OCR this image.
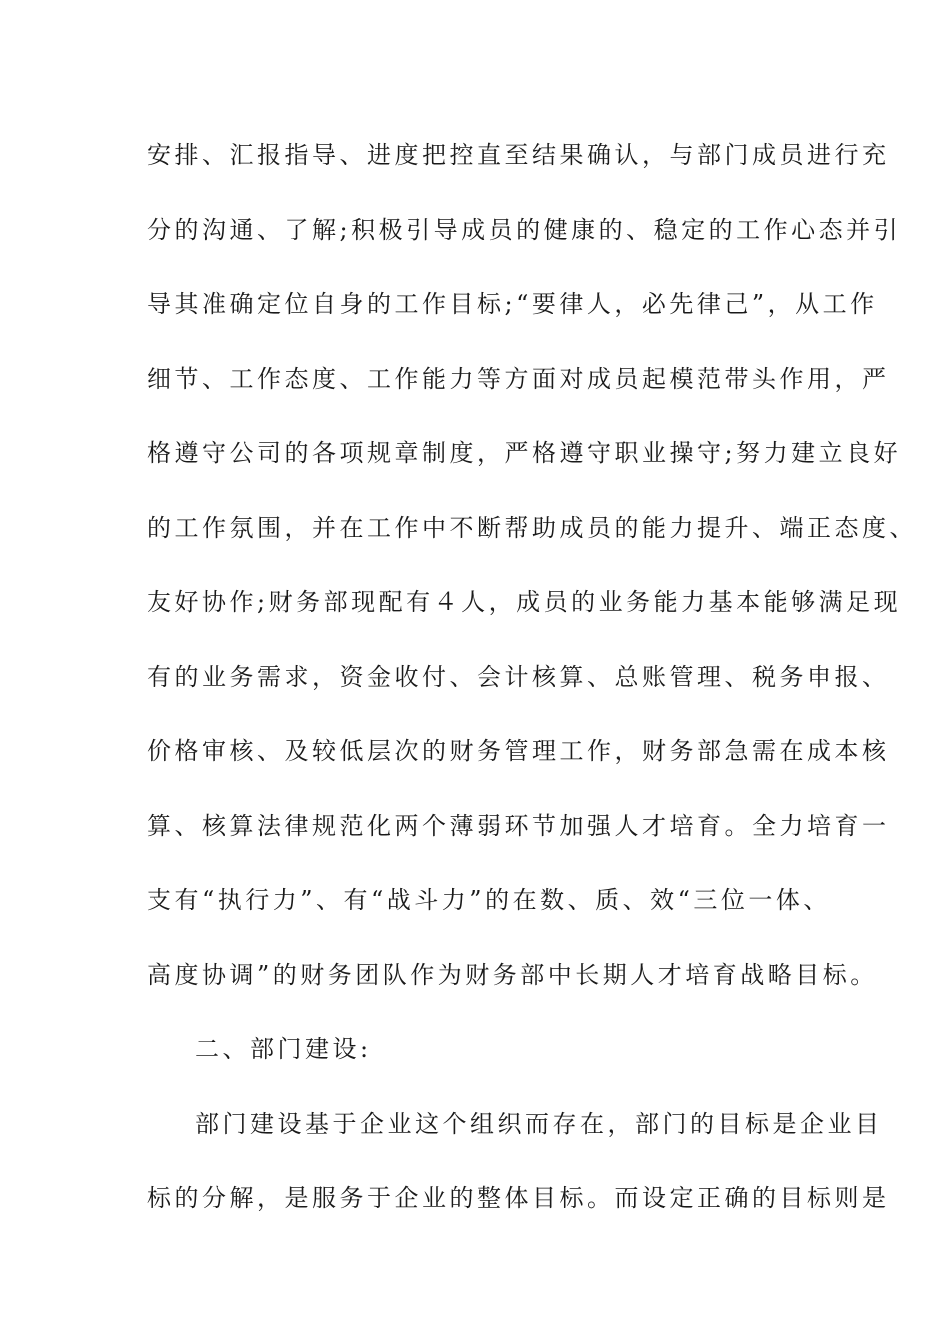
安排、汇报指导、进度把控直至结果确认，与部门成员进行充
分的沟通、了解;积极引导成员的健康的、稳定的工作心态并引
导其准确定位自身的工作目标;“要律人，必先律己”，从工作
细节、工作态度、工作能力等方面对成员起模范带头作用，严
格遵守公司的各项规章制度，严格遵守职业操守;努力建立良好
的工作氛围，并在工作中不断帮助成员的能力提升、端正态度、
友好协作;财务部现配有４人，成员的业务能力基本能够满足现
有的业务需求，资金收付、会计核算、总账管理、税务申报、
价格审核、及较低层次的财务管理工作，财务部急需在成本核
算、核算法律规范化两个薄弱环节加强人才培育。全力培育一
支有“执行力”、有“战斗力”的在数、质、效“三位一体、
高度协调”的财务团队作为财务部中长期人才培育战略目标。
二、部门建设:
部门建设基于企业这个组织而存在，部门的目标是企业目
标的分解，是服务于企业的整体目标。而设定正确的目标则是
